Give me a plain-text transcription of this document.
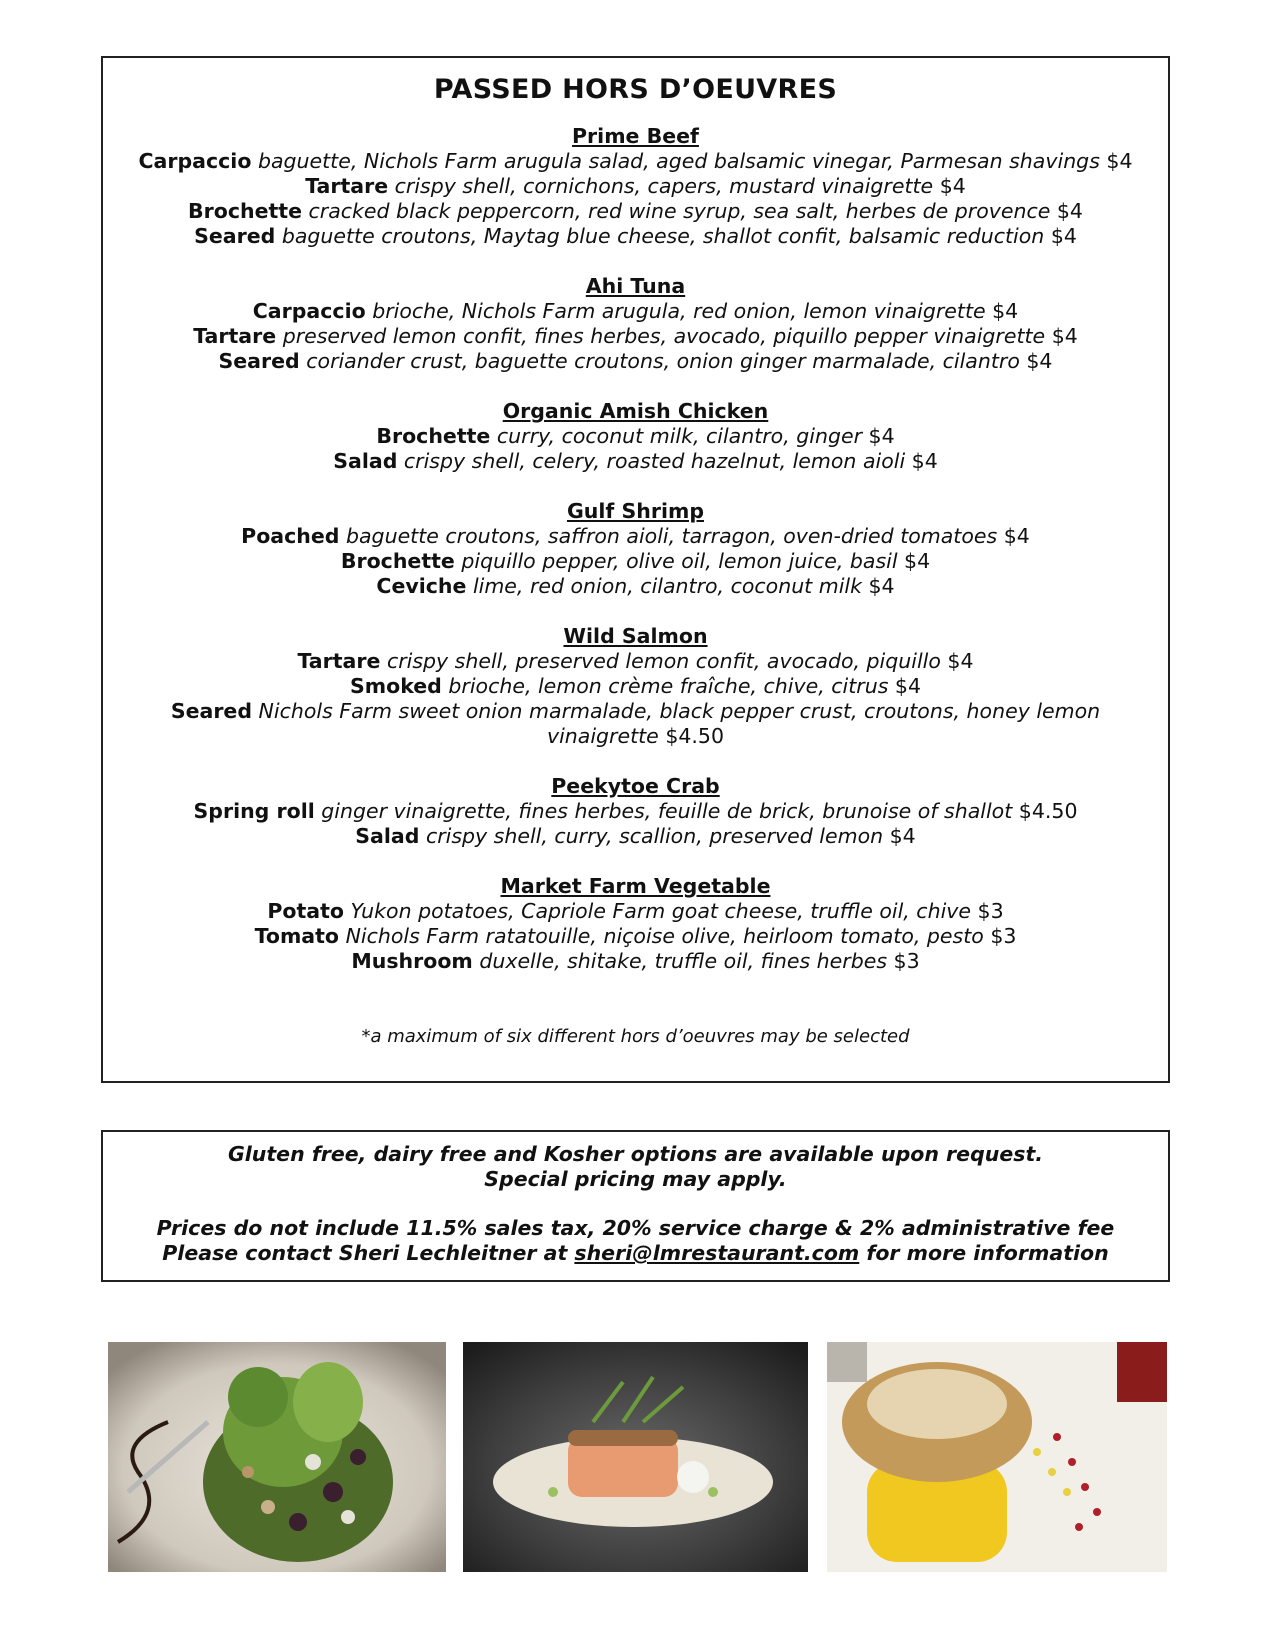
PASSED HORS D’OEUVRES
Prime Beef
Carpaccio baguette, Nichols Farm arugula salad, aged balsamic vinegar, Parmesan shavings $4
Tartare crispy shell, cornichons, capers, mustard vinaigrette $4
Brochette cracked black peppercorn, red wine syrup, sea salt, herbes de provence $4
Seared baguette croutons, Maytag blue cheese, shallot confit, balsamic reduction $4
Ahi Tuna
Carpaccio brioche, Nichols Farm arugula, red onion, lemon vinaigrette $4
Tartare preserved lemon confit, fines herbes, avocado, piquillo pepper vinaigrette $4
Seared coriander crust, baguette croutons, onion ginger marmalade, cilantro $4
Organic Amish Chicken
Brochette curry, coconut milk, cilantro, ginger $4
Salad crispy shell, celery, roasted hazelnut, lemon aioli $4
Gulf Shrimp
Poached baguette croutons, saffron aioli, tarragon, oven-dried tomatoes $4
Brochette piquillo pepper, olive oil, lemon juice, basil $4
Ceviche lime, red onion, cilantro, coconut milk $4
Wild Salmon
Tartare crispy shell, preserved lemon confit, avocado, piquillo $4
Smoked brioche, lemon crème fraîche, chive, citrus $4
Seared Nichols Farm sweet onion marmalade, black pepper crust, croutons, honey lemon vinaigrette $4.50
Peekytoe Crab
Spring roll ginger vinaigrette, fines herbes, feuille de brick, brunoise of shallot $4.50
Salad crispy shell, curry, scallion, preserved lemon $4
Market Farm Vegetable
Potato Yukon potatoes, Capriole Farm goat cheese, truffle oil, chive $3
Tomato Nichols Farm ratatouille, niçoise olive, heirloom tomato, pesto $3
Mushroom duxelle, shitake, truffle oil, fines herbes $3
*a maximum of six different hors d’oeuvres may be selected
Gluten free, dairy free and Kosher options are available upon request.
Special pricing may apply.
Prices do not include 11.5% sales tax, 20% service charge & 2% administrative fee
Please contact Sheri Lechleitner at sheri@lmrestaurant.com for more information
